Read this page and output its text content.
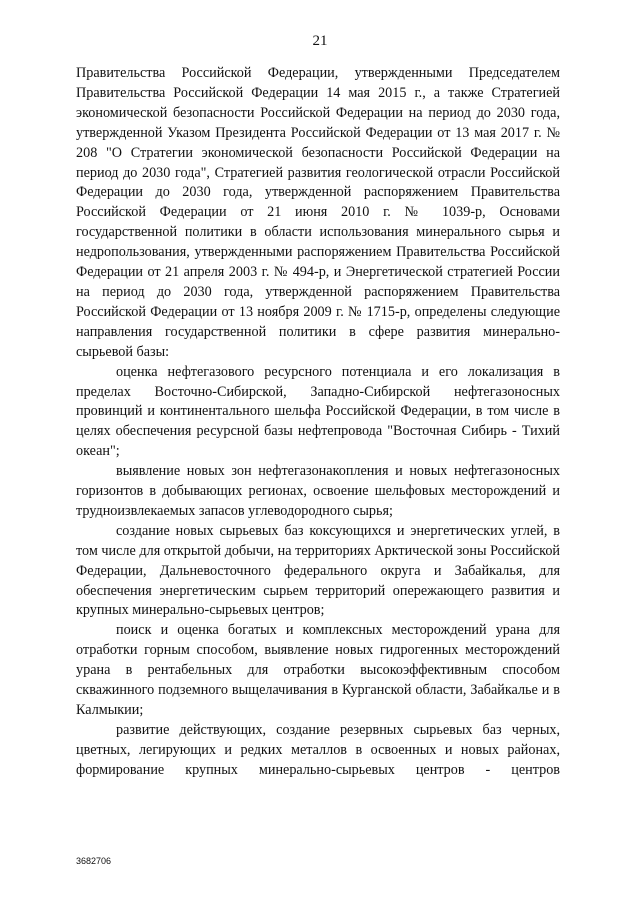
21

Правительства Российской Федерации, утвержденными Председателем Правительства Российской Федерации 14 мая 2015 г., а также Стратегией экономической безопасности Российской Федерации на период до 2030 года, утвержденной Указом Президента Российской Федерации от 13 мая 2017 г. № 208 "О Стратегии экономической безопасности Российской Федерации на период до 2030 года", Стратегией развития геологической отрасли Российской Федерации до 2030 года, утвержденной распоряжением Правительства Российской Федерации от 21 июня 2010 г. № 1039-р, Основами государственной политики в области использования минерального сырья и недропользования, утвержденными распоряжением Правительства Российской Федерации от 21 апреля 2003 г. № 494-р, и Энергетической стратегией России на период до 2030 года, утвержденной распоряжением Правительства Российской Федерации от 13 ноября 2009 г. № 1715-р, определены следующие направления государственной политики в сфере развития минерально-сырьевой базы:

оценка нефтегазового ресурсного потенциала и его локализация в пределах Восточно-Сибирской, Западно-Сибирской нефтегазоносных провинций и континентального шельфа Российской Федерации, в том числе в целях обеспечения ресурсной базы нефтепровода "Восточная Сибирь - Тихий океан";

выявление новых зон нефтегазонакопления и новых нефтегазоносных горизонтов в добывающих регионах, освоение шельфовых месторождений и трудноизвлекаемых запасов углеводородного сырья;

создание новых сырьевых баз коксующихся и энергетических углей, в том числе для открытой добычи, на территориях Арктической зоны Российской Федерации, Дальневосточного федерального округа и Забайкалья, для обеспечения энергетическим сырьем территорий опережающего развития и крупных минерально-сырьевых центров;

поиск и оценка богатых и комплексных месторождений урана для отработки горным способом, выявление новых гидрогенных месторождений урана в рентабельных для отработки высокоэффективным способом скважинного подземного выщелачивания в Курганской области, Забайкалье и в Калмыкии;

развитие действующих, создание резервных сырьевых баз черных, цветных, легирующих и редких металлов в освоенных и новых районах, формирование крупных минерально-сырьевых центров - центров

3682706
